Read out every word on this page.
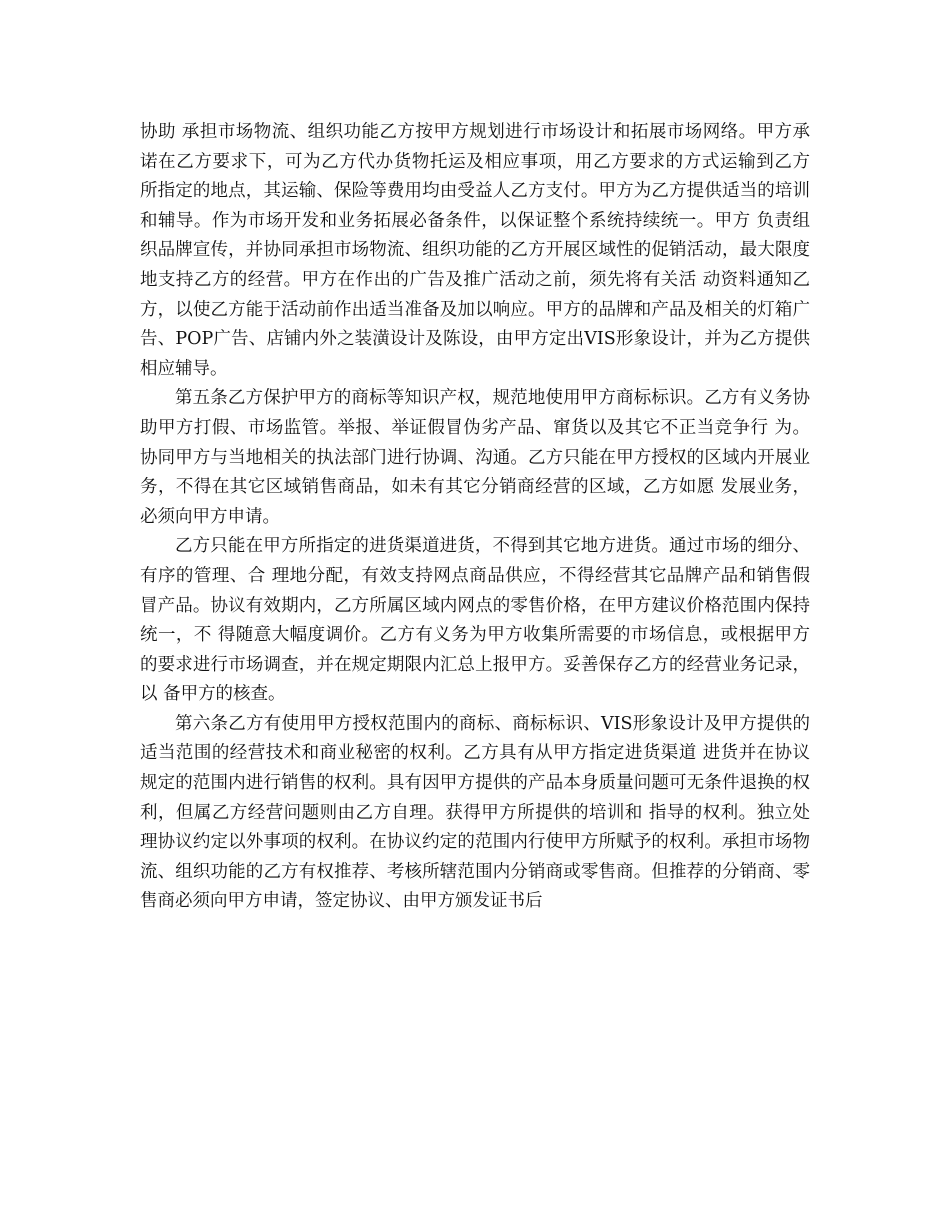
协助 承担市场物流、组织功能乙方按甲方规划进行市场设计和拓展市场网络。甲方承诺在乙方要求下，可为乙方代办货物托运及相应事项，用乙方要求的方式运输到乙方 所指定的地点，其运输、保险等费用均由受益人乙方支付。甲方为乙方提供适当的培训和辅导。作为市场开发和业务拓展必备条件，以保证整个系统持续统一。甲方 负责组织品牌宣传，并协同承担市场物流、组织功能的乙方开展区域性的促销活动，最大限度地支持乙方的经营。甲方在作出的广告及推广活动之前，须先将有关活 动资料通知乙方，以使乙方能于活动前作出适当准备及加以响应。甲方的品牌和产品及相关的灯箱广告、POP广告、店铺内外之装潢设计及陈设，由甲方定出VIS形象设计，并为乙方提供相应辅导。

第五条乙方保护甲方的商标等知识产权，规范地使用甲方商标标识。乙方有义务协助甲方打假、市场监管。举报、举证假冒伪劣产品、窜货以及其它不正当竞争行 为。协同甲方与当地相关的执法部门进行协调、沟通。乙方只能在甲方授权的区域内开展业务，不得在其它区域销售商品，如未有其它分销商经营的区域，乙方如愿 发展业务，必须向甲方申请。

乙方只能在甲方所指定的进货渠道进货，不得到其它地方进货。通过市场的细分、有序的管理、合 理地分配，有效支持网点商品供应，不得经营其它品牌产品和销售假冒产品。协议有效期内，乙方所属区域内网点的零售价格，在甲方建议价格范围内保持统一，不 得随意大幅度调价。乙方有义务为甲方收集所需要的市场信息，或根据甲方的要求进行市场调查，并在规定期限内汇总上报甲方。妥善保存乙方的经营业务记录，以 备甲方的核查。

第六条乙方有使用甲方授权范围内的商标、商标标识、VIS形象设计及甲方提供的适当范围的经营技术和商业秘密的权利。乙方具有从甲方指定进货渠道 进货并在协议规定的范围内进行销售的权利。具有因甲方提供的产品本身质量问题可无条件退换的权利，但属乙方经营问题则由乙方自理。获得甲方所提供的培训和 指导的权利。独立处理协议约定以外事项的权利。在协议约定的范围内行使甲方所赋予的权利。承担市场物流、组织功能的乙方有权推荐、考核所辖范围内分销商或零售商。但推荐的分销商、零售商必须向甲方申请，签定协议、由甲方颁发证书后
